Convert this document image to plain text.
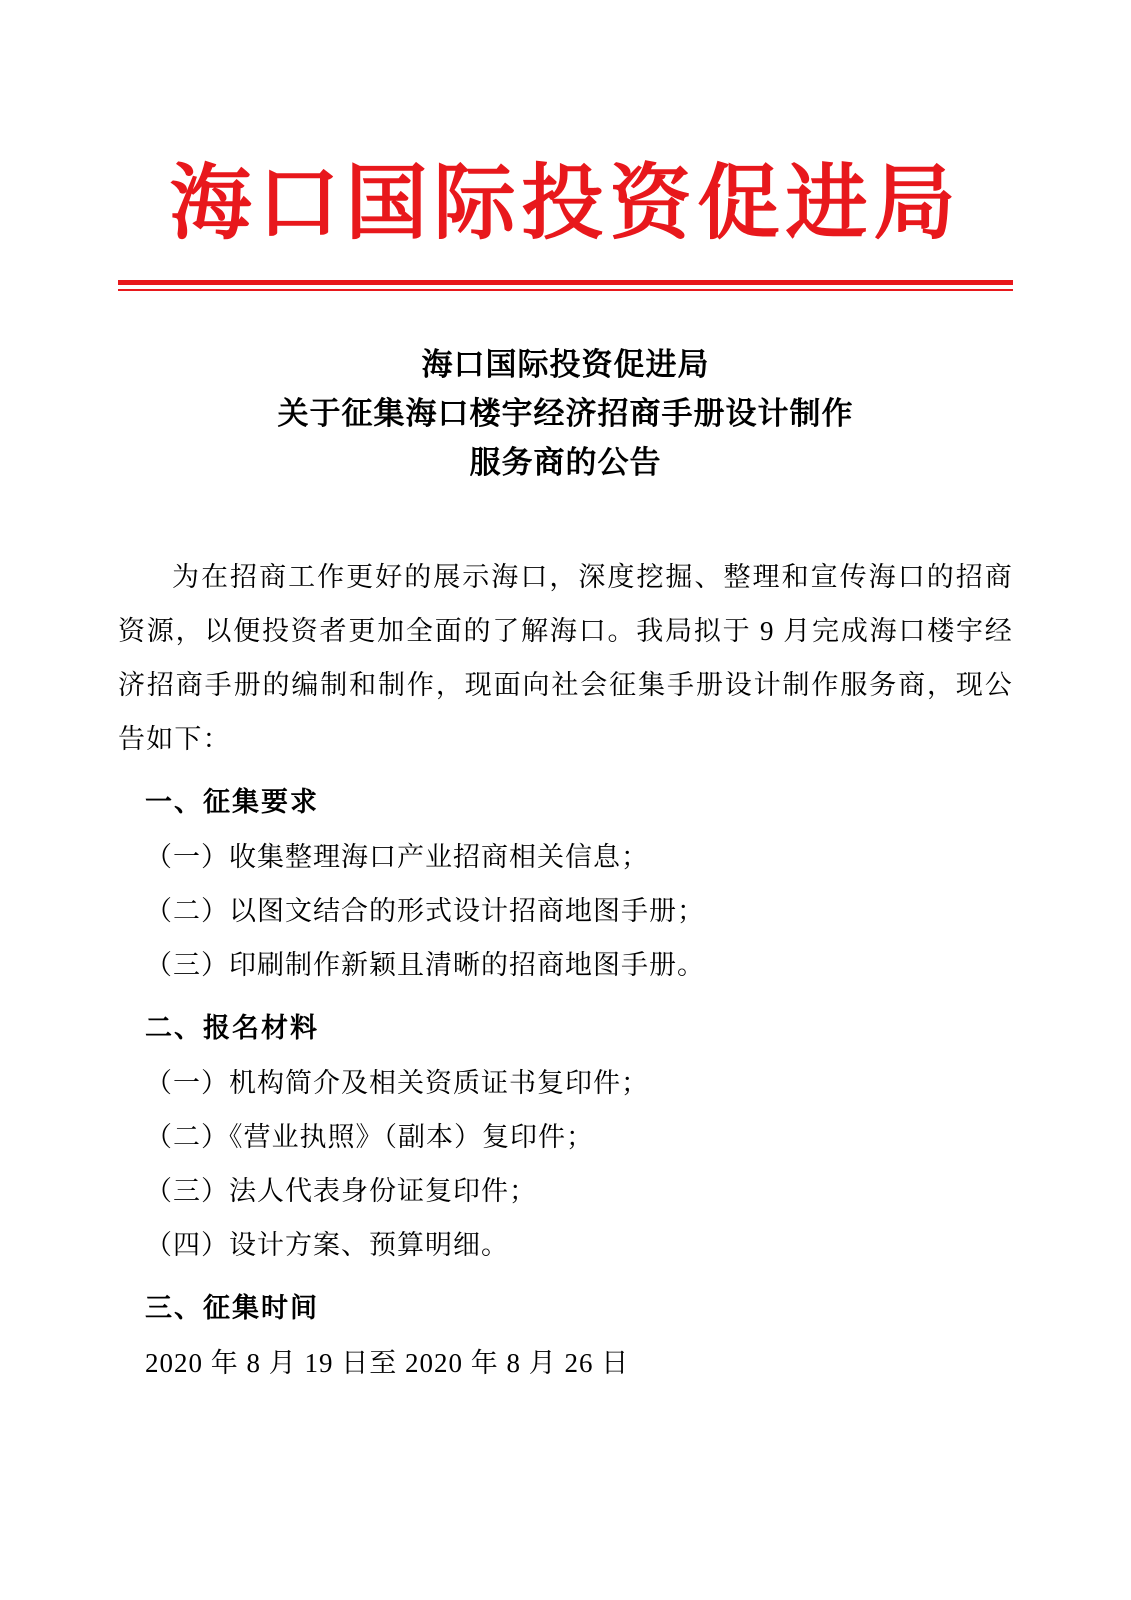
海口国际投资促进局
海口国际投资促进局
关于征集海口楼宇经济招商手册设计制作
服务商的公告

为在招商工作更好的展示海口，深度挖掘、整理和宣传海口的招商资源，以便投资者更加全面的了解海口。我局拟于 9 月完成海口楼宇经济招商手册的编制和制作，现面向社会征集手册设计制作服务商，现公告如下：

一、征集要求

（一）收集整理海口产业招商相关信息；

（二）以图文结合的形式设计招商地图手册；

（三）印刷制作新颖且清晰的招商地图手册。

二、报名材料

（一）机构简介及相关资质证书复印件；

（二）《营业执照》（副本）复印件；

（三）法人代表身份证复印件；

（四）设计方案、预算明细。

三、征集时间

2020 年 8 月 19 日至 2020 年 8 月 26 日
